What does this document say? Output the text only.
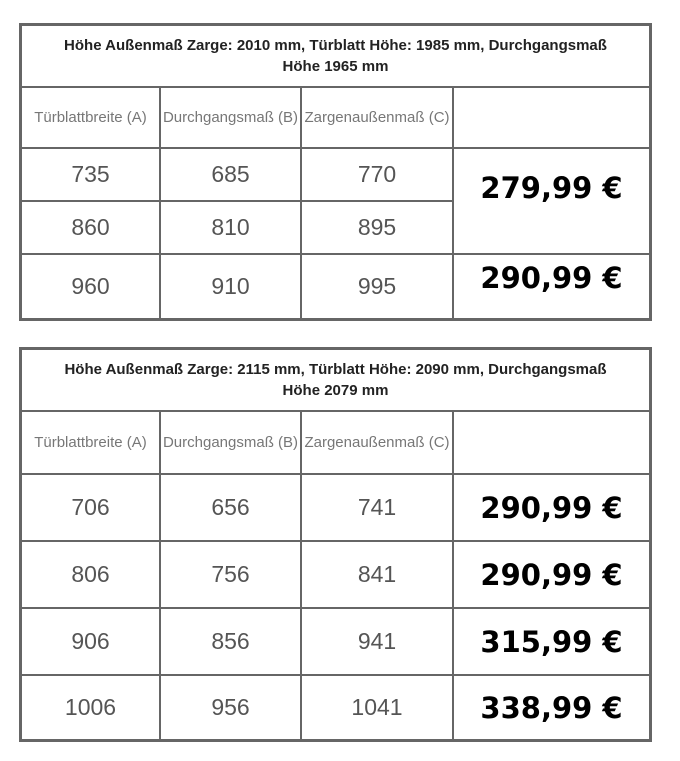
Höhe Außenmaß Zarge: 2010 mm, Türblatt Höhe: 1985 mm, Durchgangsmaß Höhe 1965 mm			
Türblattbreite (A)	Durchgangsmaß (B)	Zargenaußenmaß (C)	
735	685	770	279,99 €
860	810	895	
960	910	995	290,99 €
Höhe Außenmaß Zarge: 2115 mm, Türblatt Höhe: 2090 mm, Durchgangsmaß Höhe 2079 mm			
Türblattbreite (A)	Durchgangsmaß (B)	Zargenaußenmaß (C)	
706	656	741	290,99 €
806	756	841	290,99 €
906	856	941	315,99 €
1006	956	1041	338,99 €
